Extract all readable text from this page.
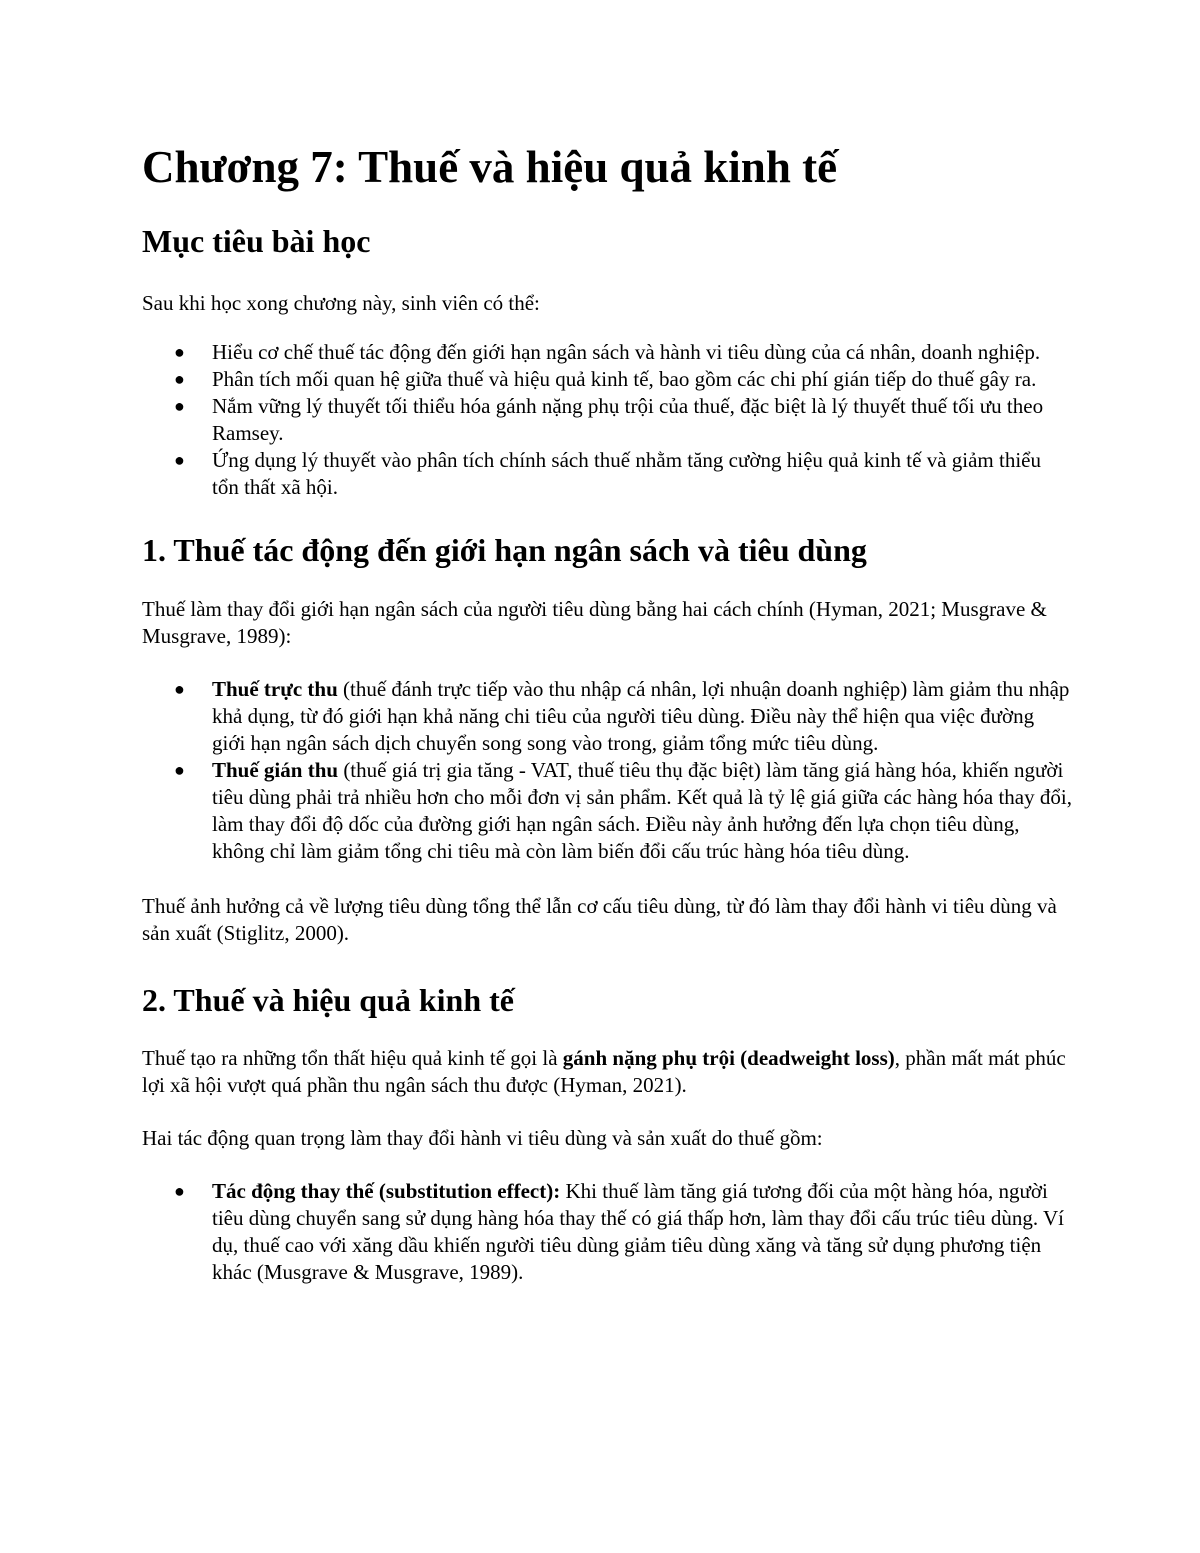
Chương 7: Thuế và hiệu quả kinh tế
Mục tiêu bài học

Sau khi học xong chương này, sinh viên có thể:

● Hiểu cơ chế thuế tác động đến giới hạn ngân sách và hành vi tiêu dùng của cá nhân, doanh nghiệp.
● Phân tích mối quan hệ giữa thuế và hiệu quả kinh tế, bao gồm các chi phí gián tiếp do thuế gây ra.
● Nắm vững lý thuyết tối thiểu hóa gánh nặng phụ trội của thuế, đặc biệt là lý thuyết thuế tối ưu theo Ramsey.
● Ứng dụng lý thuyết vào phân tích chính sách thuế nhằm tăng cường hiệu quả kinh tế và giảm thiểu tổn thất xã hội.
1. Thuế tác động đến giới hạn ngân sách và tiêu dùng

Thuế làm thay đổi giới hạn ngân sách của người tiêu dùng bằng hai cách chính (Hyman, 2021; Musgrave & Musgrave, 1989):

● Thuế trực thu (thuế đánh trực tiếp vào thu nhập cá nhân, lợi nhuận doanh nghiệp) làm giảm thu nhập khả dụng, từ đó giới hạn khả năng chi tiêu của người tiêu dùng. Điều này thể hiện qua việc đường giới hạn ngân sách dịch chuyển song song vào trong, giảm tổng mức tiêu dùng.
● Thuế gián thu (thuế giá trị gia tăng - VAT, thuế tiêu thụ đặc biệt) làm tăng giá hàng hóa, khiến người tiêu dùng phải trả nhiều hơn cho mỗi đơn vị sản phẩm. Kết quả là tỷ lệ giá giữa các hàng hóa thay đổi, làm thay đổi độ dốc của đường giới hạn ngân sách. Điều này ảnh hưởng đến lựa chọn tiêu dùng, không chỉ làm giảm tổng chi tiêu mà còn làm biến đổi cấu trúc hàng hóa tiêu dùng.

Thuế ảnh hưởng cả về lượng tiêu dùng tổng thể lẫn cơ cấu tiêu dùng, từ đó làm thay đổi hành vi tiêu dùng và sản xuất (Stiglitz, 2000).

2. Thuế và hiệu quả kinh tế

Thuế tạo ra những tổn thất hiệu quả kinh tế gọi là gánh nặng phụ trội (deadweight loss), phần mất mát phúc lợi xã hội vượt quá phần thu ngân sách thu được (Hyman, 2021).

Hai tác động quan trọng làm thay đổi hành vi tiêu dùng và sản xuất do thuế gồm:

● Tác động thay thế (substitution effect): Khi thuế làm tăng giá tương đối của một hàng hóa, người tiêu dùng chuyển sang sử dụng hàng hóa thay thế có giá thấp hơn, làm thay đổi cấu trúc tiêu dùng. Ví dụ, thuế cao với xăng dầu khiến người tiêu dùng giảm tiêu dùng xăng và tăng sử dụng phương tiện khác (Musgrave & Musgrave, 1989).
